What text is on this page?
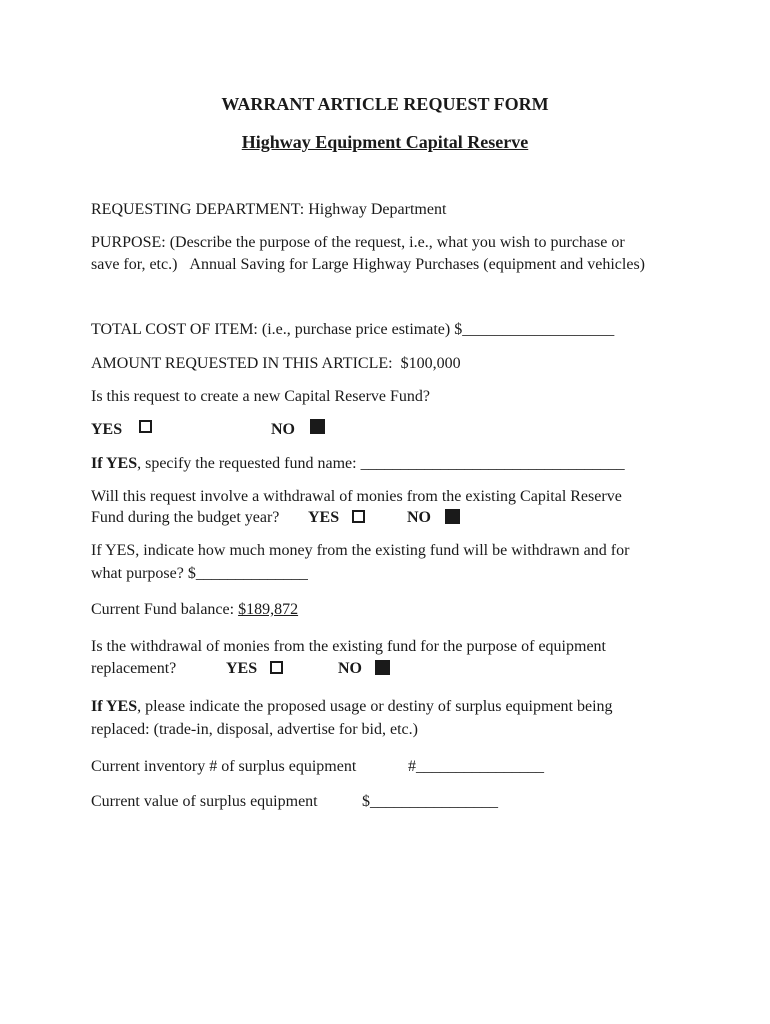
WARRANT ARTICLE REQUEST FORM
Highway Equipment Capital Reserve
REQUESTING DEPARTMENT: Highway Department
PURPOSE: (Describe the purpose of the request, i.e., what you wish to purchase or
save for, etc.) Annual Saving for Large Highway Purchases (equipment and vehicles)
TOTAL COST OF ITEM: (i.e., purchase price estimate) $___________________
AMOUNT REQUESTED IN THIS ARTICLE: $100,000
Is this request to create a new Capital Reserve Fund?
YES	NO
If YES, specify the requested fund name: _________________________________
Will this request involve a withdrawal of monies from the existing Capital Reserve
Fund during the budget year? YES	NO
If YES, indicate how much money from the existing fund will be withdrawn and for
what purpose? $______________
Current Fund balance: $189,872
Is the withdrawal of monies from the existing fund for the purpose of equipment
replacement?	YES	NO
If YES, please indicate the proposed usage or destiny of surplus equipment being
replaced: (trade-in, disposal, advertise for bid, etc.)
Current inventory # of surplus equipment	#________________
Current value of surplus equipment	$________________
